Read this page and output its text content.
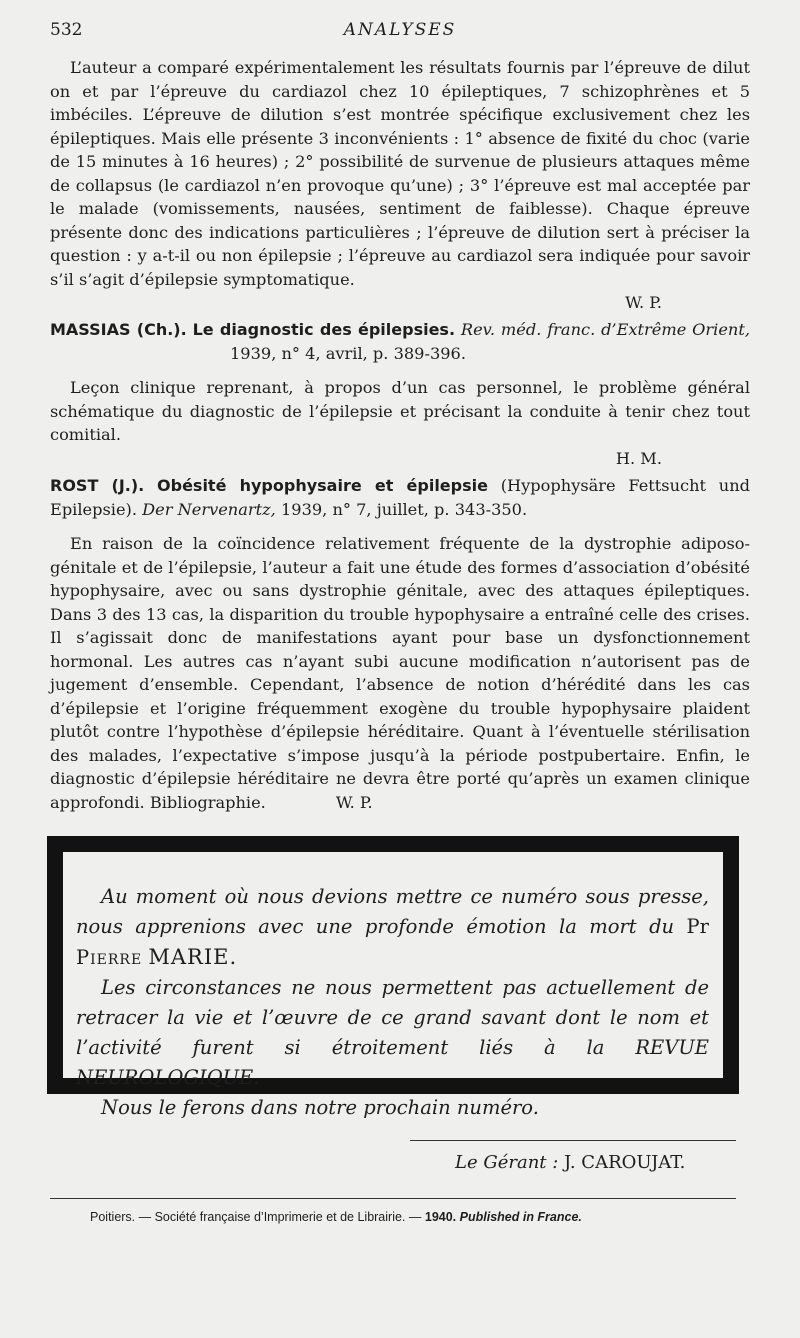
532	ANALYSES

L’auteur a comparé expérimentalement les résultats fournis par l’épreuve de dilut on et par l’épreuve du cardiazol chez 10 épileptiques, 7 schizophrènes et 5 imbéciles. L’épreuve de dilution s’est montrée spécifique exclusivement chez les épileptiques. Mais elle présente 3 inconvénients : 1° absence de fixité du choc (varie de 15 minutes à 16 heures) ; 2° possibilité de survenue de plusieurs attaques même de collapsus (le cardiazol n’en provoque qu’une) ; 3° l’épreuve est mal acceptée par le malade (vomissements, nausées, sentiment de faiblesse). Chaque épreuve présente donc des indications particulières ; l’épreuve de dilution sert à préciser la question : y a-t-il ou non épilepsie ; l’épreuve au cardiazol sera indiquée pour savoir s’il s’agit d’épilepsie symptomatique.

W. P.

MASSIAS (Ch.). Le diagnostic des épilepsies. Rev. méd. franc. d’Extrême Orient, 1939, n° 4, avril, p. 389-396.

Leçon clinique reprenant, à propos d’un cas personnel, le problème général schématique du diagnostic de l’épilepsie et précisant la conduite à tenir chez tout comitial.

H. M.

ROST (J.). Obésité hypophysaire et épilepsie (Hypophysäre Fettsucht und Epilepsie). Der Nervenartz, 1939, n° 7, juillet, p. 343-350.

En raison de la coïncidence relativement fréquente de la dystrophie adiposo-génitale et de l’épilepsie, l’auteur a fait une étude des formes d’association d’obésité hypophysaire, avec ou sans dystrophie génitale, avec des attaques épileptiques. Dans 3 des 13 cas, la disparition du trouble hypophysaire a entraîné celle des crises. Il s’agissait donc de manifestations ayant pour base un dysfonctionnement hormonal. Les autres cas n’ayant subi aucune modification n’autorisent pas de jugement d’ensemble. Cependant, l’absence de notion d’hérédité dans les cas d’épilepsie et l’origine fréquemment exogène du trouble hypophysaire plaident plutôt contre l’hypothèse d’épilepsie héréditaire. Quant à l’éventuelle stérilisation des malades, l’expectative s’impose jusqu’à la période postpubertaire. Enfin, le diagnostic d’épilepsie héréditaire ne devra être porté qu’après un examen clinique approfondi. Bibliographie.	W. P.

Au moment où nous devions mettre ce numéro sous presse, nous apprenions avec une profonde émotion la mort du Pr Pierre MARIE.

Les circonstances ne nous permettent pas actuellement de retracer la vie et l’œuvre de ce grand savant dont le nom et l’activité furent si étroitement liés à la REVUE NEUROLOGIQUE.

Nous le ferons dans notre prochain numéro.

Le Gérant : J. CAROUJAT.
Poitiers. — Société française d’Imprimerie et de Librairie. — 1940. Published in France.
